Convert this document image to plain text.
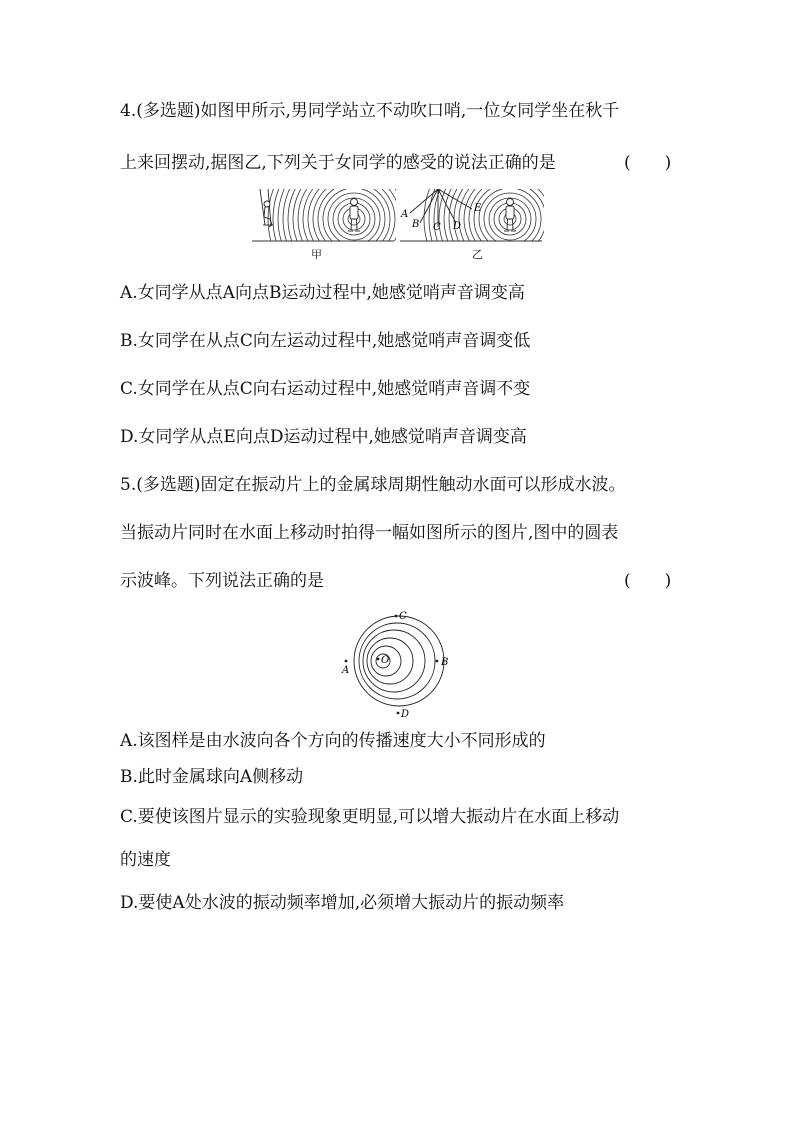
4.(多选题)如图甲所示,男同学站立不动吹口哨,一位女同学坐在秋千
上来回摆动,据图乙,下列关于女同学的感受的说法正确的是	(　　)
甲
A
B C D
E
乙
A.女同学从点A向点B运动过程中,她感觉哨声音调变高
B.女同学在从点C向左运动过程中,她感觉哨声音调变低
C.女同学在从点C向右运动过程中,她感觉哨声音调不变
D.女同学从点E向点D运动过程中,她感觉哨声音调变高
5.(多选题)固定在振动片上的金属球周期性触动水面可以形成水波。
当振动片同时在水面上移动时拍得一幅如图所示的图片,图中的圆表
示波峰。下列说法正确的是	(　　)
O
C
B
A
D
A.该图样是由水波向各个方向的传播速度大小不同形成的
B.此时金属球向A侧移动
C.要使该图片显示的实验现象更明显,可以增大振动片在水面上移动
的速度
D.要使A处水波的振动频率增加,必须增大振动片的振动频率
